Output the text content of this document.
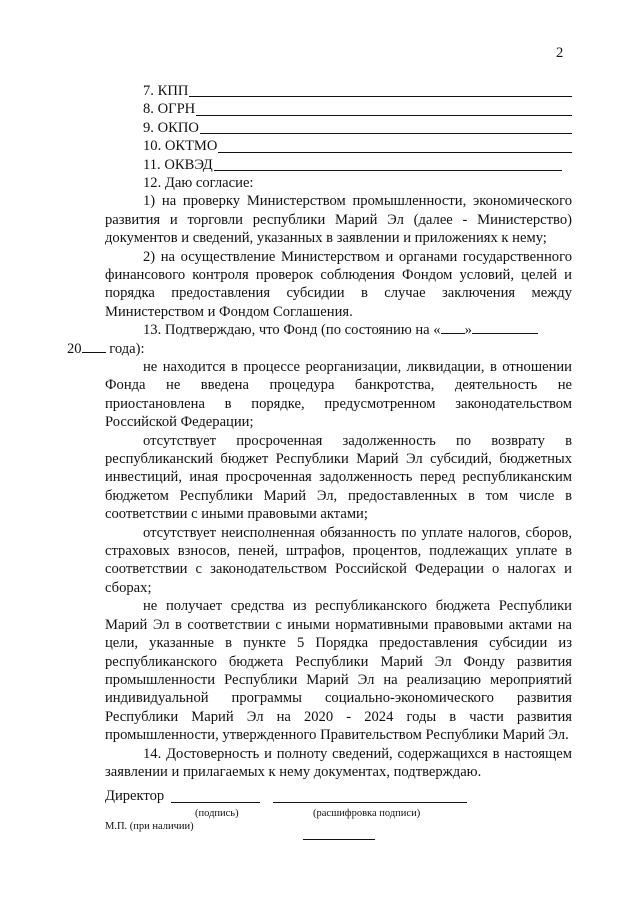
2
7. КПП
8. ОГРН
9. ОКПО
10. ОКТМО
11. ОКВЭД

12. Даю согласие:

1) на проверку Министерством промышленности, экономического развития и торговли республики Марий Эл (далее - Министерство) документов и сведений, указанных в заявлении и приложениях к нему;

2) на осуществление Министерством и органами государственного финансового контроля проверок соблюдения Фондом условий, целей и порядка предоставления субсидии в случае заключения между Министерством и Фондом Соглашения.

13. Подтверждаю, что Фонд (по состоянию на « »
20 года):

не находится в процессе реорганизации, ликвидации, в отношении Фонда не введена процедура банкротства, деятельность не приостановлена в порядке, предусмотренном законодательством Российской Федерации;

отсутствует просроченная задолженность по возврату в республиканский бюджет Республики Марий Эл субсидий, бюджетных инвестиций, иная просроченная задолженность перед республиканским бюджетом Республики Марий Эл, предоставленных в том числе в соответствии с иными правовыми актами;

отсутствует неисполненная обязанность по уплате налогов, сборов, страховых взносов, пеней, штрафов, процентов, подлежащих уплате в соответствии с законодательством Российской Федерации о налогах и сборах;

не получает средства из республиканского бюджета Республики Марий Эл в соответствии с иными нормативными правовыми актами на цели, указанные в пункте 5 Порядка предоставления субсидии из республиканского бюджета Республики Марий Эл Фонду развития промышленности Республики Марий Эл на реализацию мероприятий индивидуальной программы социально-экономического развития Республики Марий Эл на 2020 - 2024 годы в части развития промышленности, утвержденного Правительством Республики Марий Эл.

14. Достоверность и полноту сведений, содержащихся в настоящем заявлении и прилагаемых к нему документах, подтверждаю.

Директор
(подпись)	(расшифровка подписи)
М.П. (при наличии)
